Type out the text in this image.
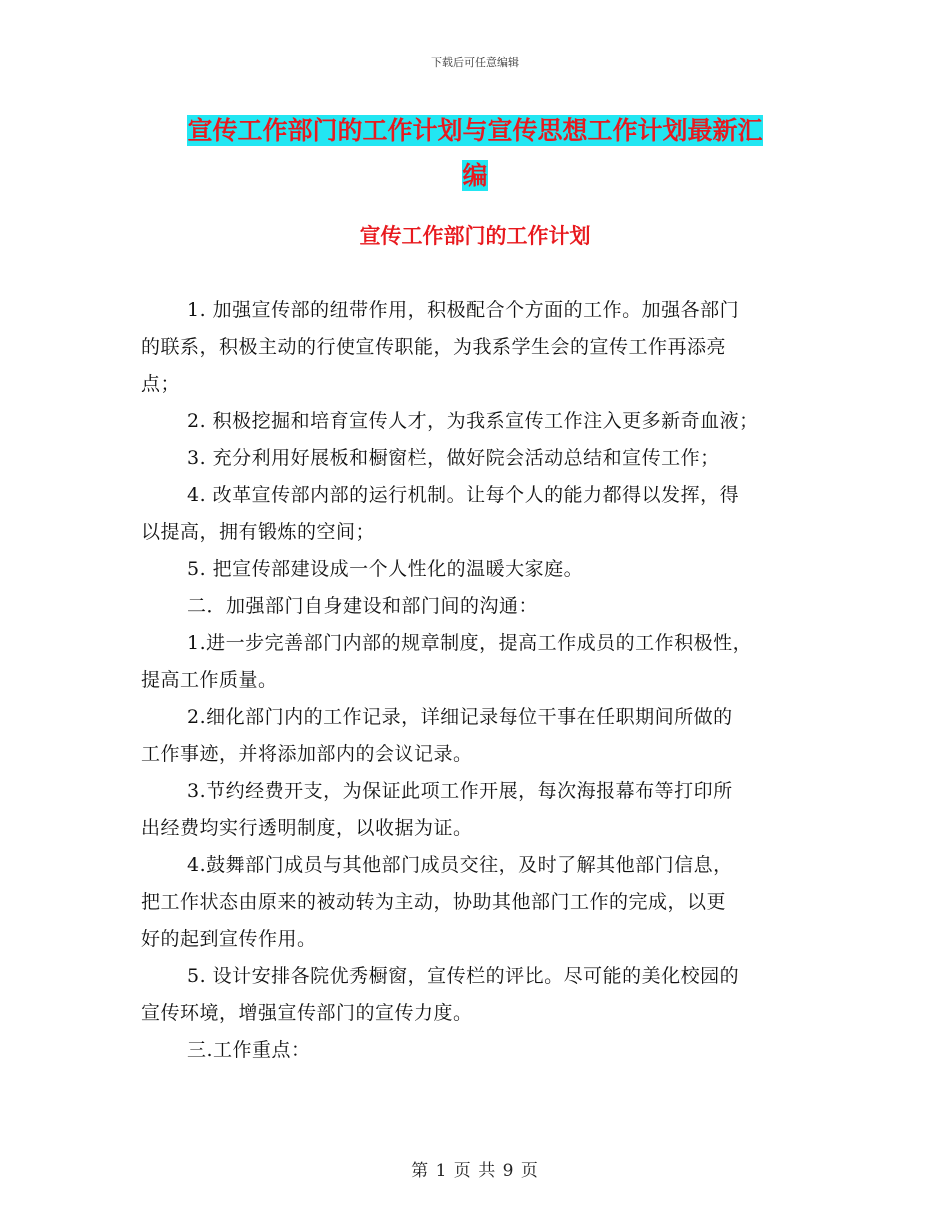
下载后可任意编辑
宣传工作部门的工作计划与宣传思想工作计划最新汇
编
宣传工作部门的工作计划

1. 加强宣传部的纽带作用，积极配合个方面的工作。加强各部门
的联系，积极主动的行使宣传职能，为我系学生会的宣传工作再添亮
点；

2. 积极挖掘和培育宣传人才，为我系宣传工作注入更多新奇血液；

3. 充分利用好展板和橱窗栏，做好院会活动总结和宣传工作；

4. 改革宣传部内部的运行机制。让每个人的能力都得以发挥，得
以提高，拥有锻炼的空间；

5. 把宣传部建设成一个人性化的温暖大家庭。

二．加强部门自身建设和部门间的沟通：

1.进一步完善部门内部的规章制度，提高工作成员的工作积极性，
提高工作质量。

2.细化部门内的工作记录，详细记录每位干事在任职期间所做的
工作事迹，并将添加部内的会议记录。

3.节约经费开支，为保证此项工作开展，每次海报幕布等打印所
出经费均实行透明制度，以收据为证。

4.鼓舞部门成员与其他部门成员交往，及时了解其他部门信息，
把工作状态由原来的被动转为主动，协助其他部门工作的完成，以更
好的起到宣传作用。

5. 设计安排各院优秀橱窗，宣传栏的评比。尽可能的美化校园的
宣传环境，增强宣传部门的宣传力度。

三.工作重点：

第 1 页 共 9 页
